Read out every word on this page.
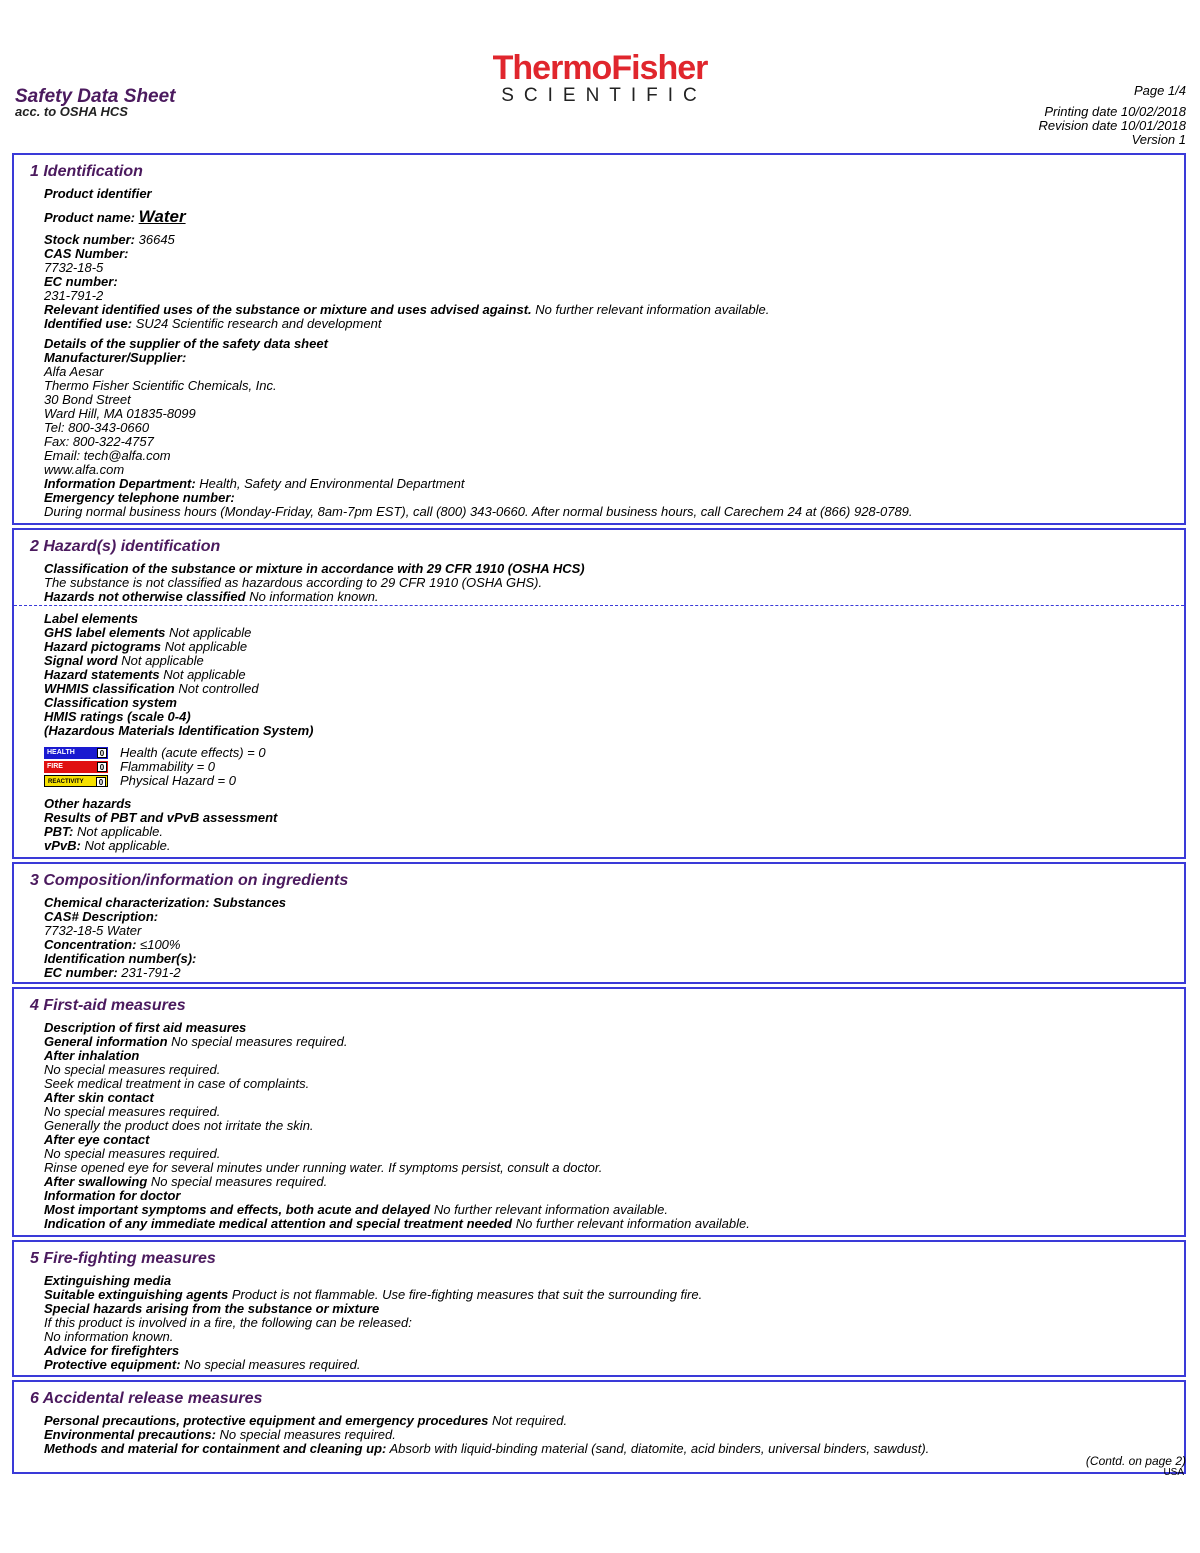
ThermoFisher
SCIENTIFIC
Safety Data Sheet
acc. to OSHA HCS
Page 1/4
Printing date 10/02/2018
Revision date 10/01/2018
Version 1
1 Identification
Product identifier
Product name: Water
Stock number: 36645
CAS Number:
7732-18-5
EC number:
231-791-2
Relevant identified uses of the substance or mixture and uses advised against. No further relevant information available.
Identified use: SU24 Scientific research and development
Details of the supplier of the safety data sheet
Manufacturer/Supplier:
Alfa Aesar
Thermo Fisher Scientific Chemicals, Inc.
30 Bond Street
Ward Hill, MA 01835-8099
Tel: 800-343-0660
Fax: 800-322-4757
Email: tech@alfa.com
www.alfa.com
Information Department: Health, Safety and Environmental Department
Emergency telephone number:
During normal business hours (Monday-Friday, 8am-7pm EST), call (800) 343-0660. After normal business hours, call Carechem 24 at (866) 928-0789.
2 Hazard(s) identification
Classification of the substance or mixture in accordance with 29 CFR 1910 (OSHA HCS)
The substance is not classified as hazardous according to 29 CFR 1910 (OSHA GHS).
Hazards not otherwise classified No information known.
Label elements
GHS label elements Not applicable
Hazard pictograms Not applicable
Signal word Not applicable
Hazard statements Not applicable
WHMIS classification Not controlled
Classification system
HMIS ratings (scale 0-4)
(Hazardous Materials Identification System)
HEALTH	0 Health (acute effects) = 0
FIRE	0 Flammability = 0
REACTIVITY	0 Physical Hazard = 0
Other hazards
Results of PBT and vPvB assessment
PBT: Not applicable.
vPvB: Not applicable.
3 Composition/information on ingredients
Chemical characterization: Substances
CAS# Description:
7732-18-5 Water
Concentration: ≤100%
Identification number(s):
EC number: 231-791-2
4 First-aid measures
Description of first aid measures
General information No special measures required.
After inhalation
No special measures required.
Seek medical treatment in case of complaints.
After skin contact
No special measures required.
Generally the product does not irritate the skin.
After eye contact
No special measures required.
Rinse opened eye for several minutes under running water. If symptoms persist, consult a doctor.
After swallowing No special measures required.
Information for doctor
Most important symptoms and effects, both acute and delayed No further relevant information available.
Indication of any immediate medical attention and special treatment needed No further relevant information available.
5 Fire-fighting measures
Extinguishing media
Suitable extinguishing agents Product is not flammable. Use fire-fighting measures that suit the surrounding fire.
Special hazards arising from the substance or mixture
If this product is involved in a fire, the following can be released:
No information known.
Advice for firefighters
Protective equipment: No special measures required.
6 Accidental release measures
Personal precautions, protective equipment and emergency procedures Not required.
Environmental precautions: No special measures required.
Methods and material for containment and cleaning up: Absorb with liquid-binding material (sand, diatomite, acid binders, universal binders, sawdust).
(Contd. on page 2)
USA
